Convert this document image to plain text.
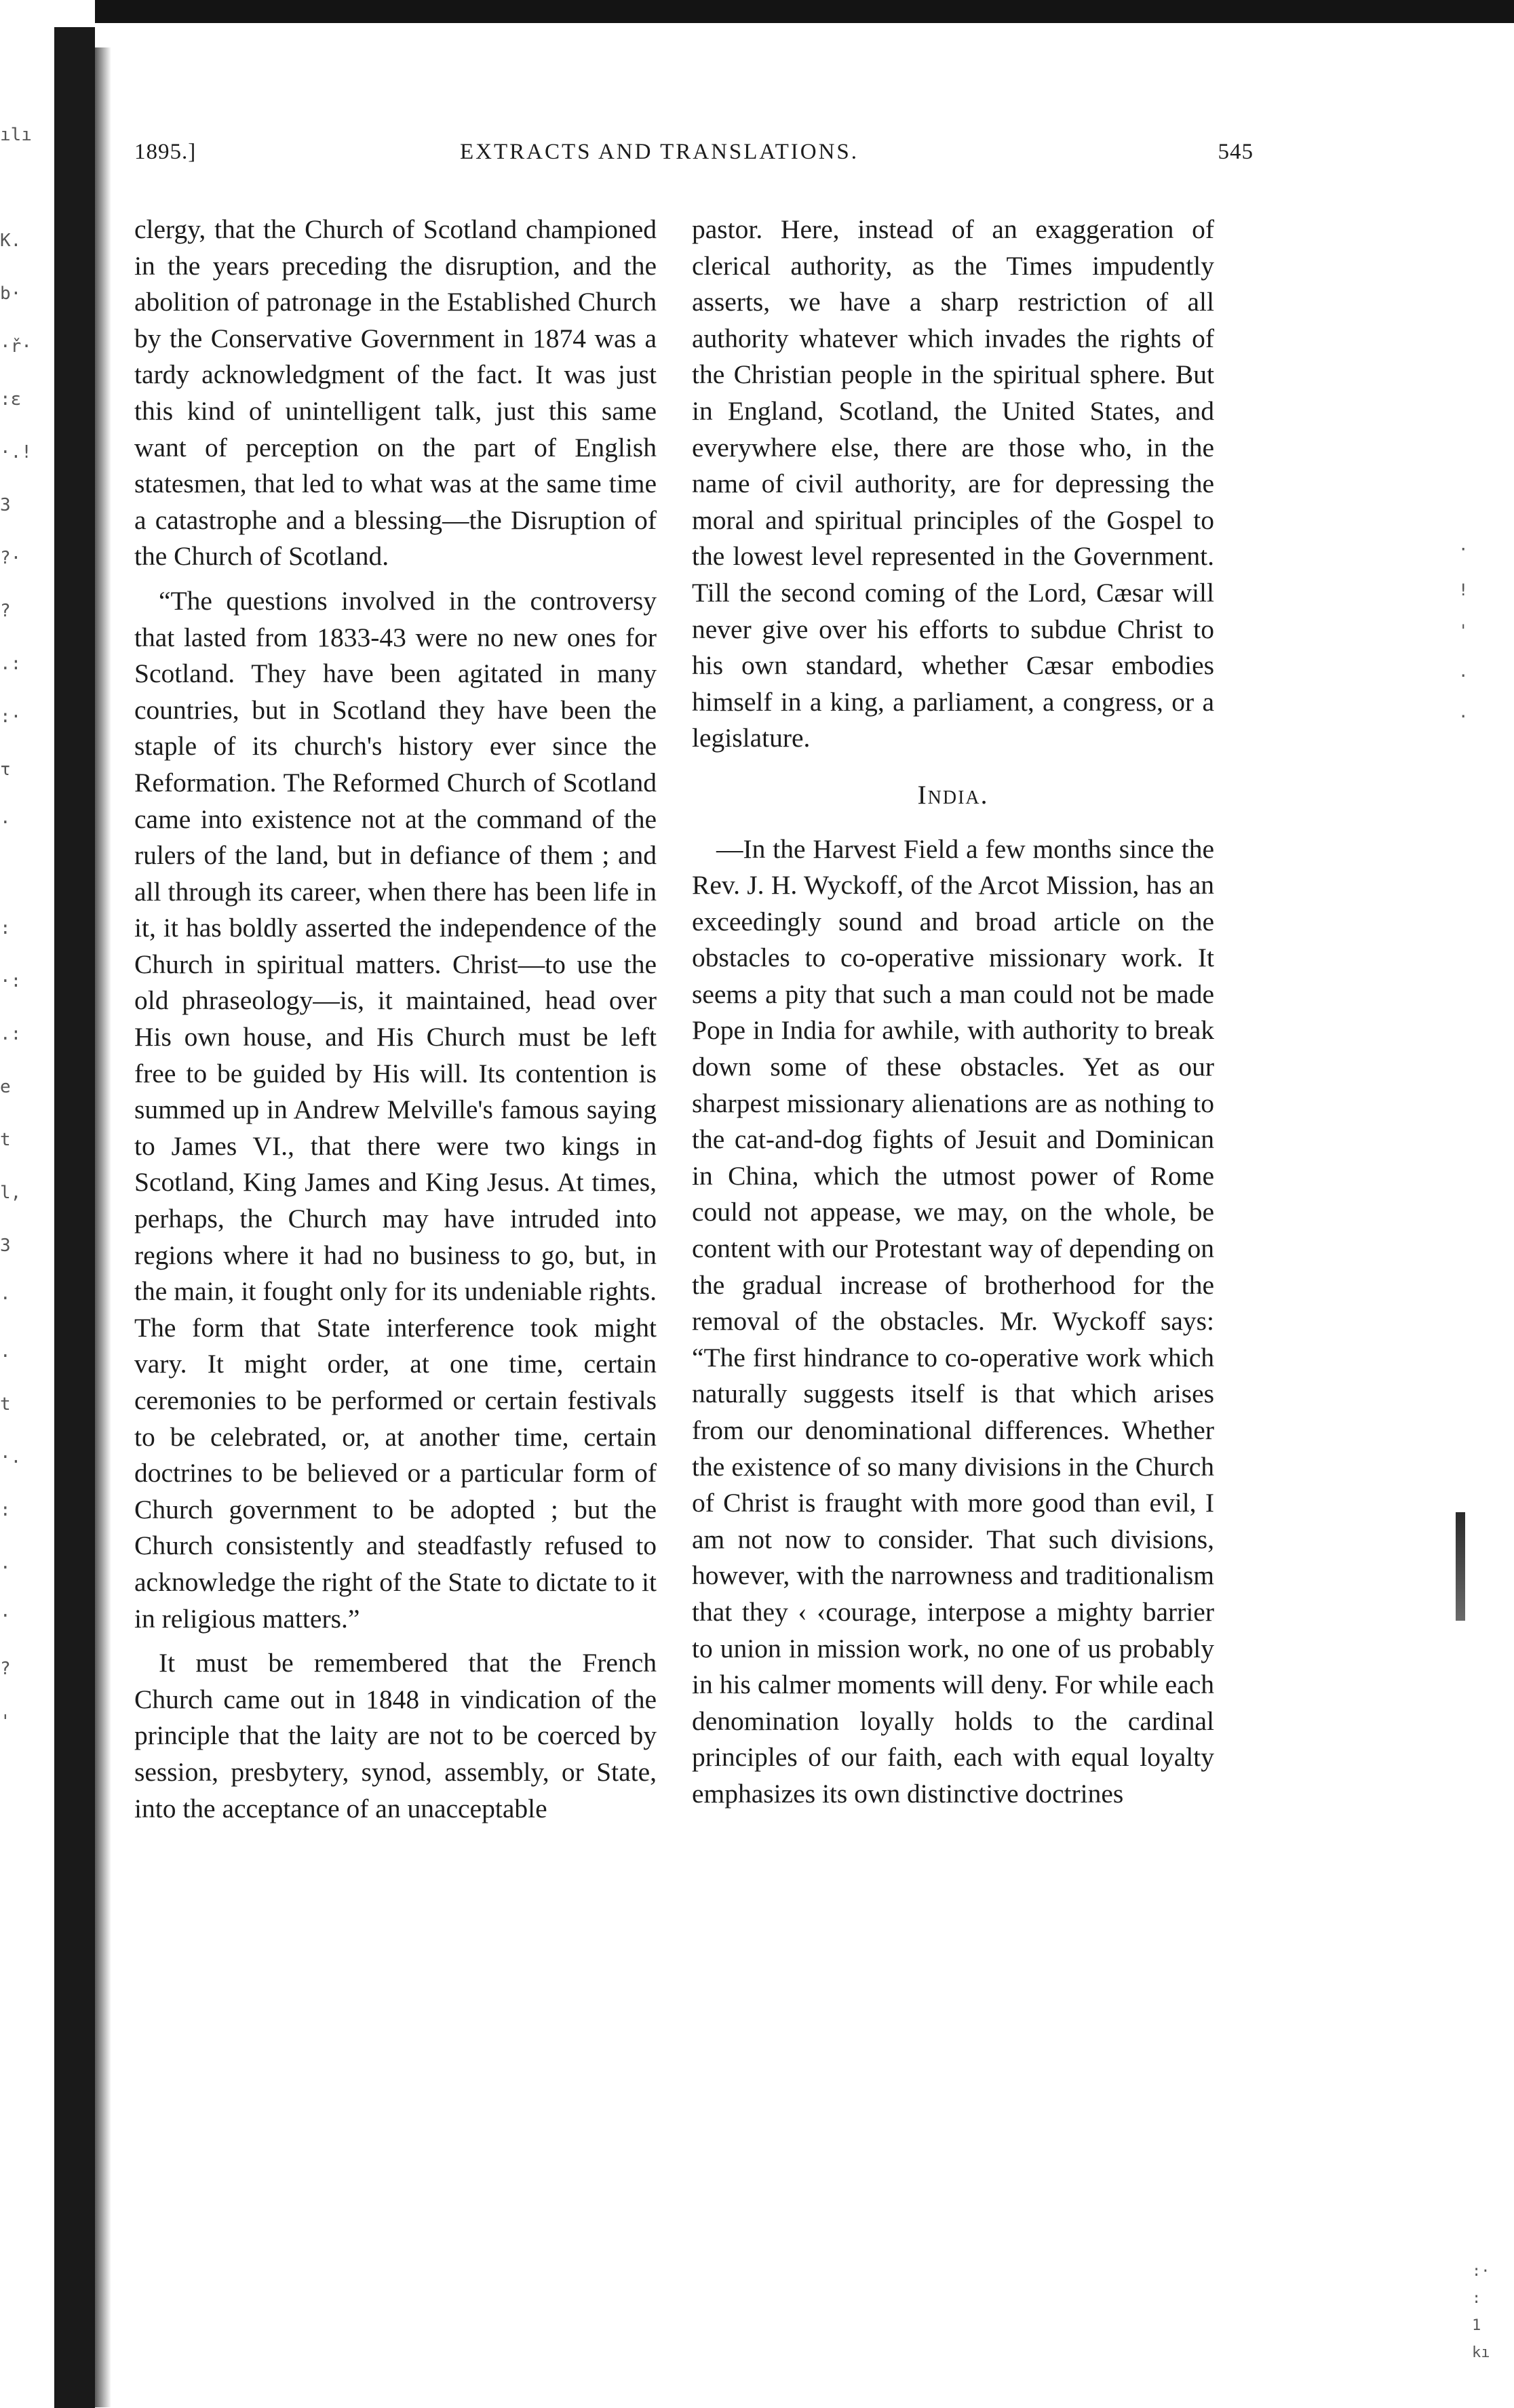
ılı

K.
b·
·ř·
:ɛ
·.!
3
?·
?
.:
:·
τ
·

:
·:
.:
e
t
l,
3
·
.
t
·.
:
.
·
?
'
·
!
'
.
.
:·
:
1
kı
1895.]	EXTRACTS AND TRANSLATIONS.	545

clergy, that the Church of Scotland championed in the years preceding the disruption, and the abolition of patronage in the Established Church by the Conservative Government in 1874 was a tardy acknowledgment of the fact. It was just this kind of unintelligent talk, just this same want of perception on the part of English statesmen, that led to what was at the same time a catastrophe and a blessing—the Disruption of the Church of Scotland.

“The questions involved in the controversy that lasted from 1833-43 were no new ones for Scotland. They have been agitated in many countries, but in Scotland they have been the staple of its church's history ever since the Reformation. The Reformed Church of Scotland came into existence not at the command of the rulers of the land, but in defiance of them ; and all through its career, when there has been life in it, it has boldly asserted the independence of the Church in spiritual matters. Christ—to use the old phraseology—is, it maintained, head over His own house, and His Church must be left free to be guided by His will. Its contention is summed up in Andrew Melville's famous saying to James VI., that there were two kings in Scotland, King James and King Jesus. At times, perhaps, the Church may have intruded into regions where it had no business to go, but, in the main, it fought only for its undeniable rights. The form that State interference took might vary. It might order, at one time, certain ceremonies to be performed or certain festivals to be celebrated, or, at another time, certain doctrines to be believed or a particular form of Church government to be adopted ; but the Church consistently and steadfastly refused to acknowledge the right of the State to dictate to it in religious matters.”

It must be remembered that the French Church came out in 1848 in vindication of the principle that the laity are not to be coerced by session, presbytery, synod, assembly, or State, into the acceptance of an unacceptable

pastor. Here, instead of an exaggeration of clerical authority, as the Times impudently asserts, we have a sharp restriction of all authority whatever which invades the rights of the Christian people in the spiritual sphere. But in England, Scotland, the United States, and everywhere else, there are those who, in the name of civil authority, are for depressing the moral and spiritual principles of the Gospel to the lowest level represented in the Government. Till the second coming of the Lord, Cæsar will never give over his efforts to subdue Christ to his own standard, whether Cæsar embodies himself in a king, a parliament, a congress, or a legislature.

India.

—In the Harvest Field a few months since the Rev. J. H. Wyckoff, of the Arcot Mission, has an exceedingly sound and broad article on the obstacles to co-operative missionary work. It seems a pity that such a man could not be made Pope in India for awhile, with authority to break down some of these obstacles. Yet as our sharpest missionary alienations are as nothing to the cat-and-dog fights of Jesuit and Dominican in China, which the utmost power of Rome could not appease, we may, on the whole, be content with our Protestant way of depending on the gradual increase of brotherhood for the removal of the obstacles. Mr. Wyckoff says: “The first hindrance to co-operative work which naturally suggests itself is that which arises from our denominational differences. Whether the existence of so many divisions in the Church of Christ is fraught with more good than evil, I am not now to consider. That such divisions, however, with the narrowness and traditionalism that they ‹ ‹courage, interpose a mighty barrier to union in mission work, no one of us probably in his calmer moments will deny. For while each denomination loyally holds to the cardinal principles of our faith, each with equal loyalty emphasizes its own distinctive doctrines
